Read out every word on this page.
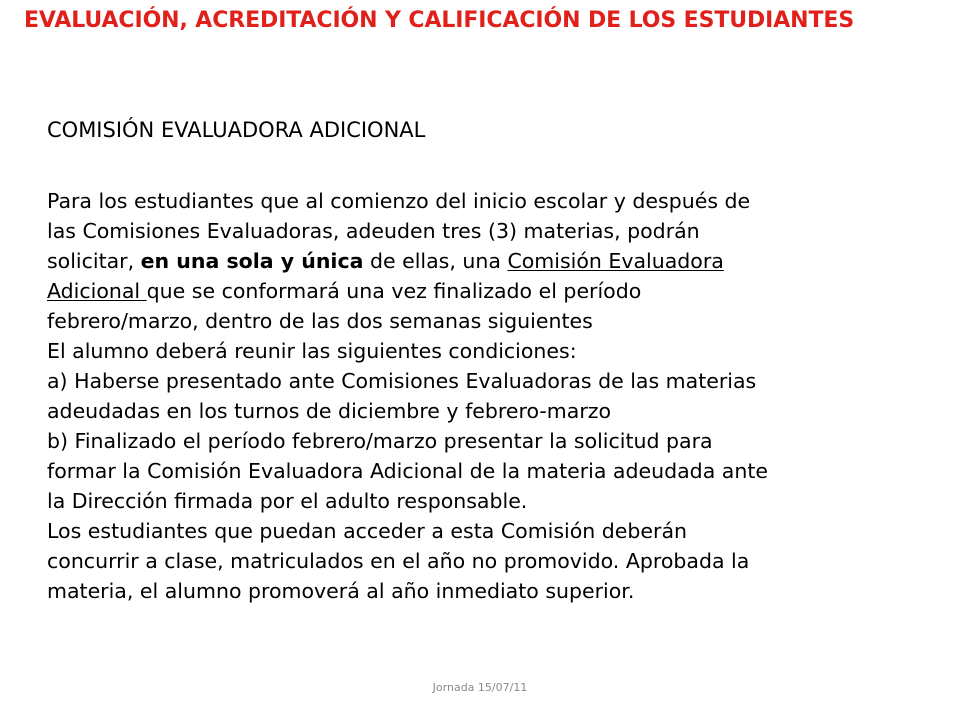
EVALUACIÓN, ACREDITACIÓN Y CALIFICACIÓN DE LOS ESTUDIANTES
COMISIÓN EVALUADORA ADICIONAL
Para los estudiantes que al comienzo del inicio escolar y después de
las Comisiones Evaluadoras, adeuden tres (3) materias, podrán
solicitar, en una sola y única de ellas, una Comisión Evaluadora
Adicional que se conformará una vez finalizado el período
febrero/marzo, dentro de las dos semanas siguientes
El alumno deberá reunir las siguientes condiciones:
a) Haberse presentado ante Comisiones Evaluadoras de las materias
adeudadas en los turnos de diciembre y febrero-marzo
b) Finalizado el período febrero/marzo presentar la solicitud para
formar la Comisión Evaluadora Adicional de la materia adeudada ante
la Dirección firmada por el adulto responsable.
Los estudiantes que puedan acceder a esta Comisión deberán
concurrir a clase, matriculados en el año no promovido. Aprobada la
materia, el alumno promoverá al año inmediato superior.
Jornada 15/07/11
